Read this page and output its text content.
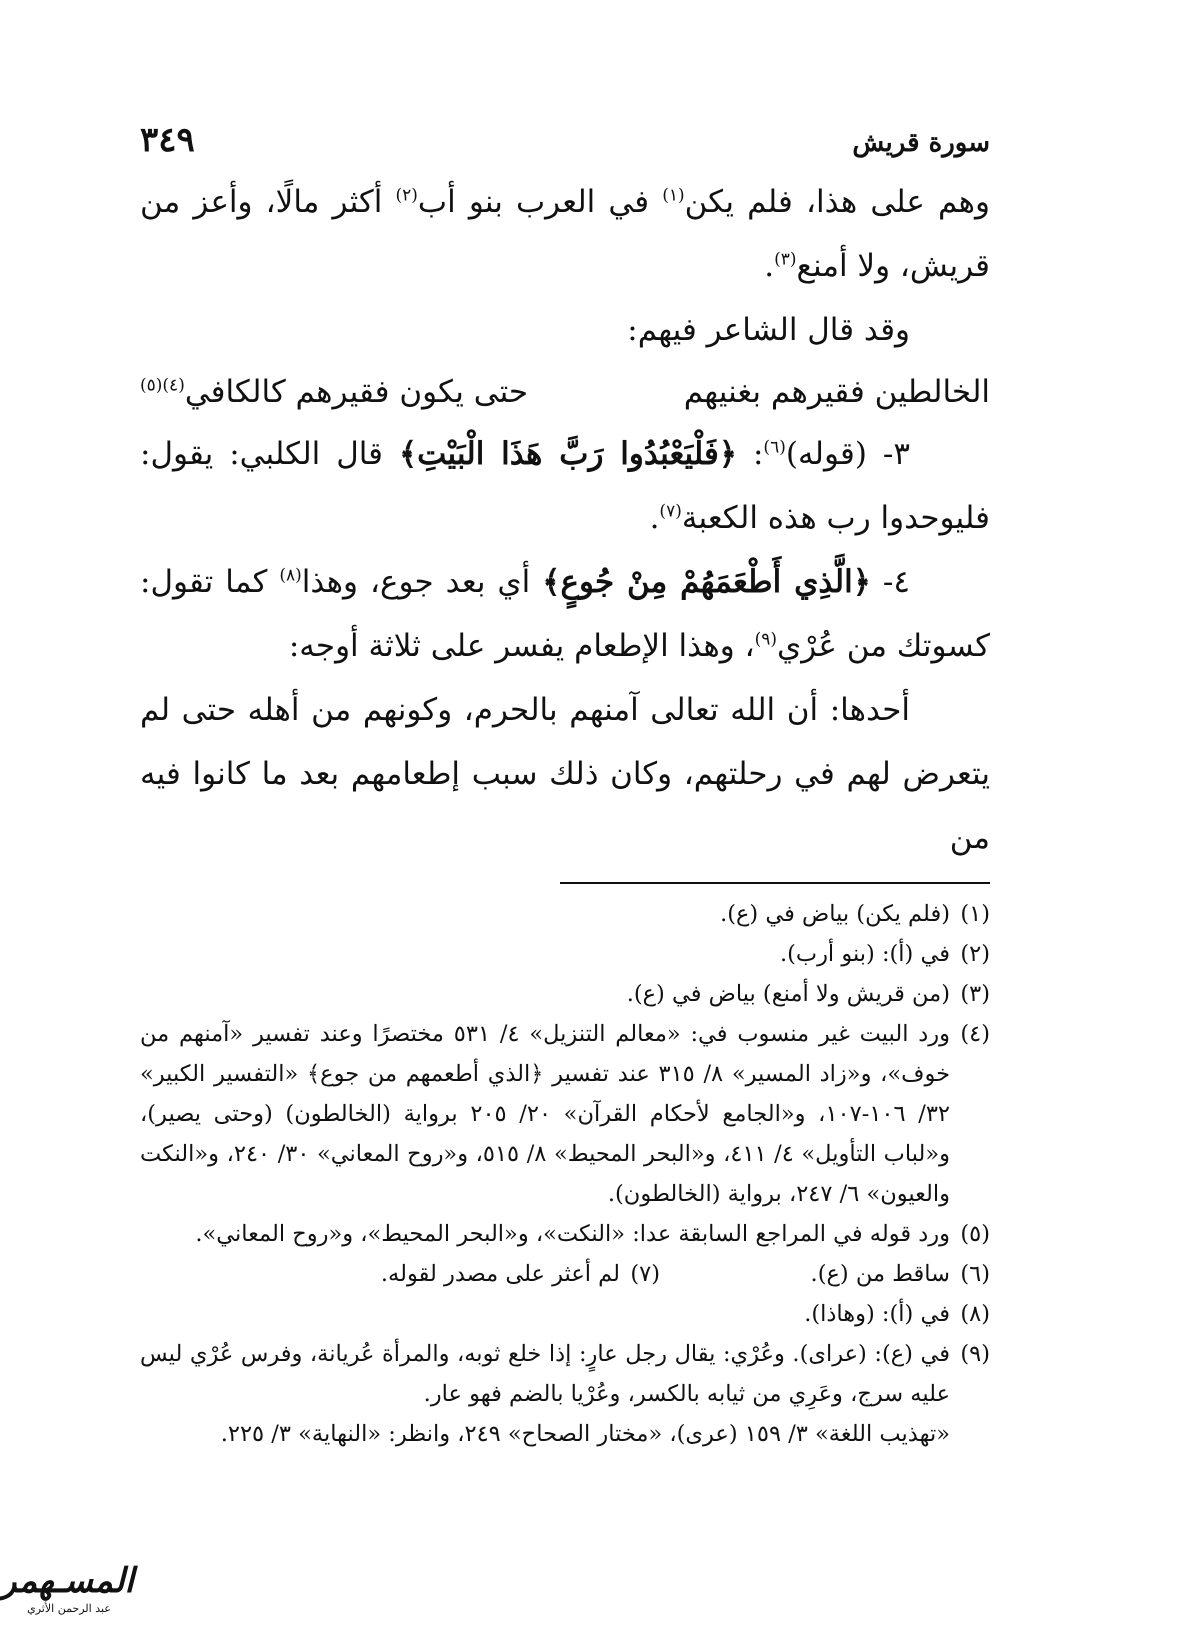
سورة قريش
٣٤٩

وهم على هذا، فلم يكن$^{(١)}$ في العرب بنو أب$^{(٢)}$ أكثر مالًا، وأعز من قريش، ولا أمنع$^{(٣)}$.

وقد قال الشاعر فيهم:

الخالطين فقيرهم بغنيهم
حتى يكون فقيرهم كالكافي$^{(٤)(٥)}$

٣- (قوله)$^{(٦)}$: ﴿فَلْيَعْبُدُوا رَبَّ هَذَا الْبَيْتِ﴾ قال الكلبي: يقول: فليوحدوا رب هذه الكعبة$^{(٧)}$.

٤- ﴿الَّذِي أَطْعَمَهُمْ مِنْ جُوعٍ﴾ أي بعد جوع، وهذا$^{(٨)}$ كما تقول: كسوتك من عُرْي$^{(٩)}$، وهذا الإطعام يفسر على ثلاثة أوجه:

أحدها: أن الله تعالى آمنهم بالحرم، وكونهم من أهله حتى لم يتعرض لهم في رحلتهم، وكان ذلك سبب إطعامهم بعد ما كانوا فيه من

(١)
(فلم يكن) بياض في (ع).
(٢)
في (أ): (بنو أرب).
(٣)
(من قريش ولا أمنع) بياض في (ع).
(٤)
ورد البيت غير منسوب في: «معالم التنزيل» ٤/ ٥٣١ مختصرًا وعند تفسير «آمنهم من خوف»، و«زاد المسير» ٨/ ٣١٥ عند تفسير ﴿الذي أطعمهم من جوع﴾ «التفسير الكبير» ٣٢/ ١٠٦-١٠٧، و«الجامع لأحكام القرآن» ٢٠/ ٢٠٥ برواية (الخالطون) (وحتى يصير)، و«لباب التأويل» ٤/ ٤١١، و«البحر المحيط» ٨/ ٥١٥، و«روح المعاني» ٣٠/ ٢٤٠، و«النكت والعيون» ٦/ ٢٤٧، برواية (الخالطون).
(٥)
ورد قوله في المراجع السابقة عدا: «النكت»، و«البحر المحيط»، و«روح المعاني».
(٦)
ساقط من (ع).
(٧)
لم أعثر على مصدر لقوله.
(٨)
في (أ): (وهاذا).
(٩)
في (ع): (عراى). وعُرْي: يقال رجل عارٍ: إذا خلع ثوبه، والمرأة عُريانة، وفرس عُرْي ليس عليه سرج، وعَرِي من ثيابه بالكسر، وعُرْيا بالضم فهو عار.
«تهذيب اللغة» ٣/ ١٥٩ (عرى)، «مختار الصحاح» ٢٤٩، وانظر: «النهاية» ٣/ ٢٢٥.
المسـهمر
عبد الرحمن الأثري
